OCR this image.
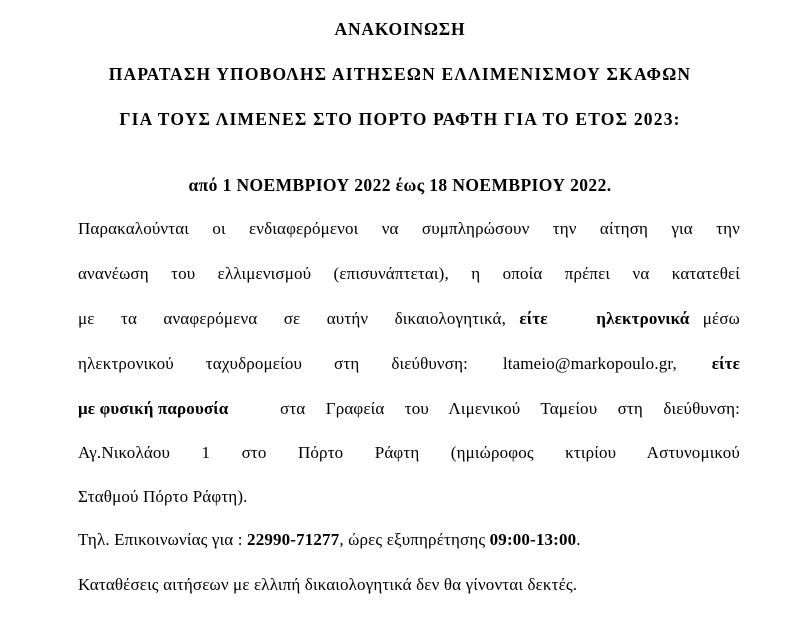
ΑΝΑΚΟΙΝΩΣΗ
ΠΑΡΑΤΑΣΗ ΥΠΟΒΟΛΗΣ ΑΙΤΗΣΕΩΝ ΕΛΛΙΜΕΝΙΣΜΟΥ ΣΚΑΦΩΝ
ΓΙΑ ΤΟΥΣ ΛΙΜΕΝΕΣ ΣΤΟ ΠΟΡΤΟ ΡΑΦΤΗ ΓΙΑ ΤΟ ΕΤΟΣ 2023:
από 1 ΝΟΕΜΒΡΙΟΥ 2022 έως 18 ΝΟΕΜΒΡΙΟΥ 2022.
Παρακαλούνται οι ενδιαφερόμενοι να συμπληρώσουν την αίτηση για την
ανανέωση του ελλιμενισμού (επισυνάπτεται), η οποία πρέπει να κατατεθεί
με τα αναφερόμενα σε αυτήν δικαιολογητικά, είτε ηλεκτρονικά μέσω
ηλεκτρονικού ταχυδρομείου στη διεύθυνση: ltameio@markopoulo.gr, είτε
με φυσική παρουσία	στα Γραφεία του Λιμενικού Ταμείου στη διεύθυνση:
Αγ.Νικολάου 1 στο Πόρτο Ράφτη (ημιώροφος κτιρίου Αστυνομικού
Σταθμού Πόρτο Ράφτη).
Τηλ. Επικοινωνίας για : 22990-71277, ώρες εξυπηρέτησης 09:00-13:00.
Καταθέσεις αιτήσεων με ελλιπή δικαιολογητικά δεν θα γίνονται δεκτές.
